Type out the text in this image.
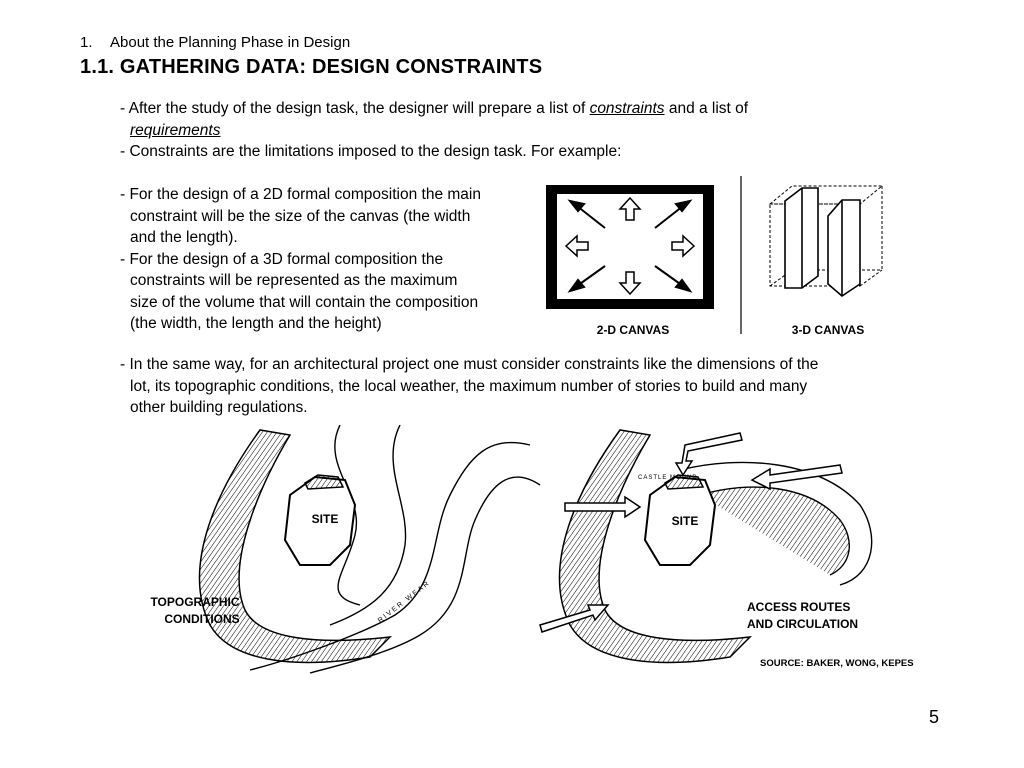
1. About the Planning Phase in Design
1.1. GATHERING DATA: DESIGN CONSTRAINTS
- After the study of the design task, the designer will prepare a list of constraints and a list of
requirements
- Constraints are the limitations imposed to the design task. For example:
- For the design of a 2D formal composition the main
constraint will be the size of the canvas (the width
and the length).
- For the design of a 3D formal composition the
constraints will be represented as the maximum
size of the volume that will contain the composition
(the width, the length and the height)	2-D CANVAS	3-D CANVAS
- In the same way, for an architectural project one must consider constraints like the dimensions of the
lot, its topographic conditions, the local weather, the maximum number of stories to build and many
other building regulations.
SITE
RIVER WEAR
TOPOGRAPHIC
CONDITIONS
SITE
CASTLE MOUND
ACCESS ROUTES
AND CIRCULATION
SOURCE: BAKER, WONG, KEPES
5
